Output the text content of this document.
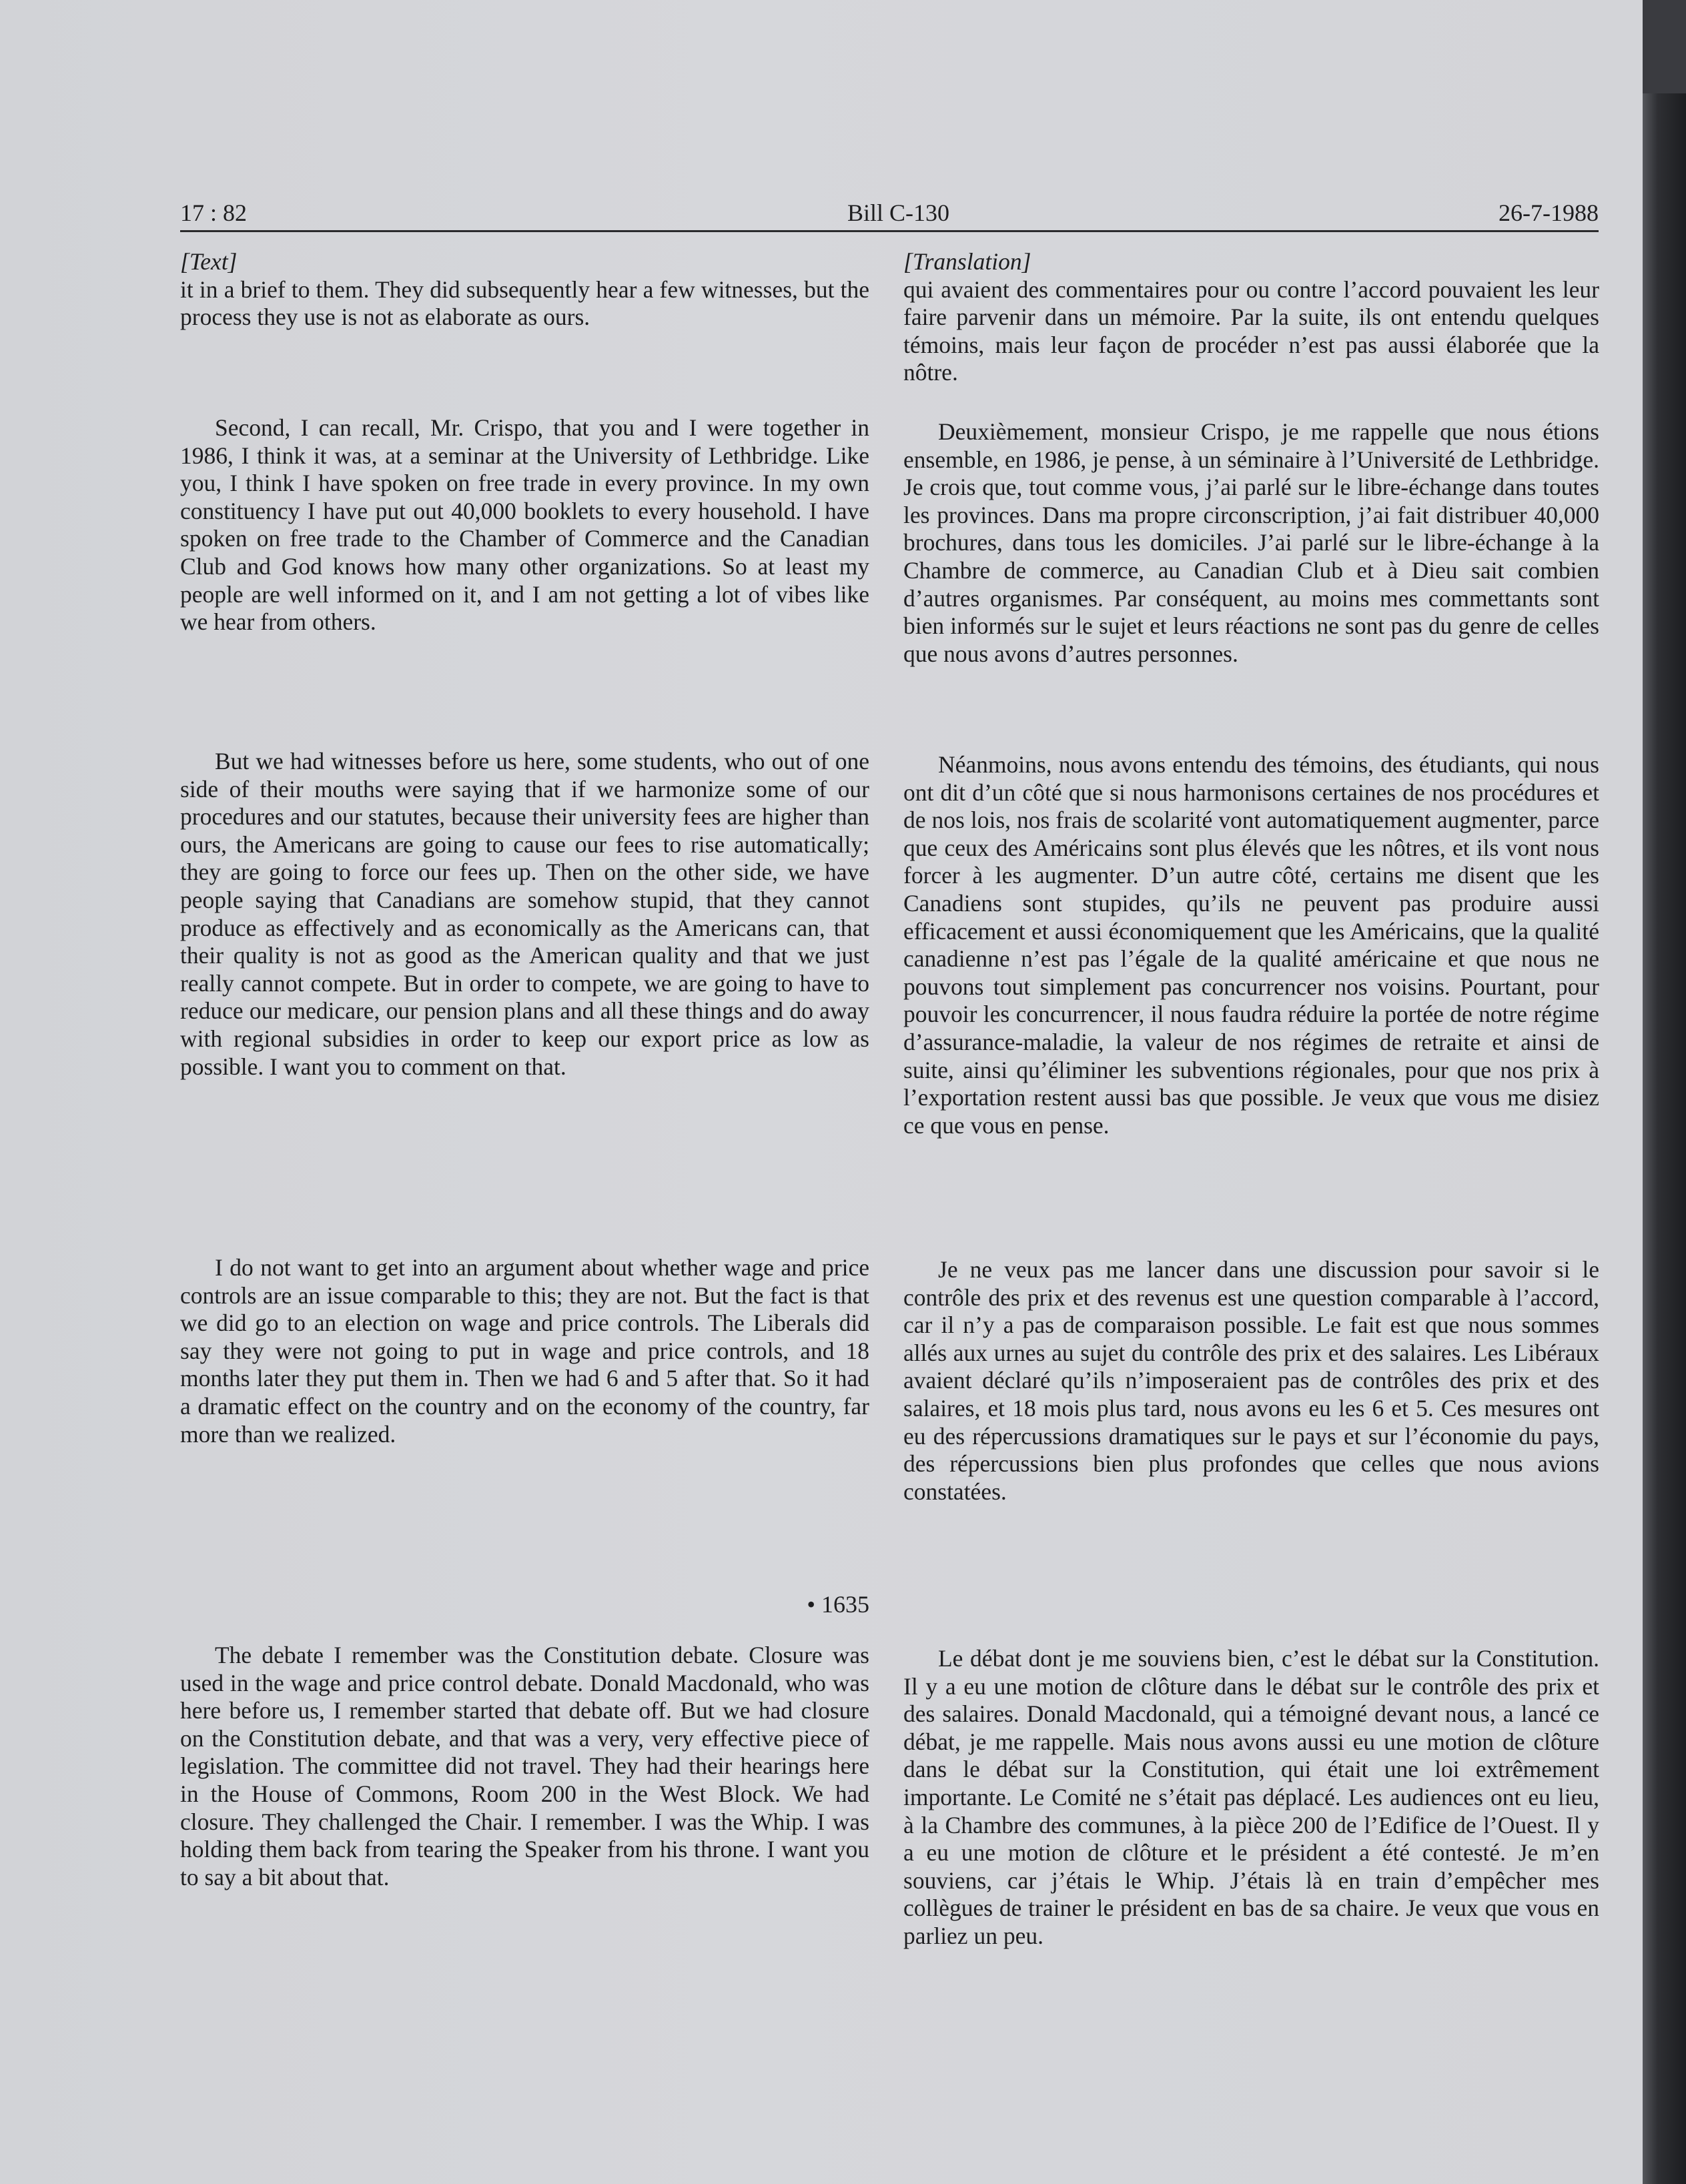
17 : 82	Bill C-130	26-7-1988

[Text]

it in a brief to them. They did subsequently hear a few witnesses, but the process they use is not as elaborate as ours.

Second, I can recall, Mr. Crispo, that you and I were together in 1986, I think it was, at a seminar at the University of Lethbridge. Like you, I think I have spoken on free trade in every province. In my own constituency I have put out 40,000 booklets to every household. I have spoken on free trade to the Chamber of Commerce and the Canadian Club and God knows how many other organizations. So at least my people are well informed on it, and I am not getting a lot of vibes like we hear from others.

But we had witnesses before us here, some students, who out of one side of their mouths were saying that if we harmonize some of our procedures and our statutes, because their university fees are higher than ours, the Americans are going to cause our fees to rise automatically; they are going to force our fees up. Then on the other side, we have people saying that Canadians are somehow stupid, that they cannot produce as effectively and as economically as the Americans can, that their quality is not as good as the American quality and that we just really cannot compete. But in order to compete, we are going to have to reduce our medicare, our pension plans and all these things and do away with regional subsidies in order to keep our export price as low as possible. I want you to comment on that.

I do not want to get into an argument about whether wage and price controls are an issue comparable to this; they are not. But the fact is that we did go to an election on wage and price controls. The Liberals did say they were not going to put in wage and price controls, and 18 months later they put them in. Then we had 6 and 5 after that. So it had a dramatic effect on the country and on the economy of the country, far more than we realized.

• 1635

The debate I remember was the Constitution debate. Closure was used in the wage and price control debate. Donald Macdonald, who was here before us, I remember started that debate off. But we had closure on the Constitution debate, and that was a very, very effective piece of legislation. The committee did not travel. They had their hearings here in the House of Commons, Room 200 in the West Block. We had closure. They challenged the Chair. I remember. I was the Whip. I was holding them back from tearing the Speaker from his throne. I want you to say a bit about that.

[Translation]

qui avaient des commentaires pour ou contre l’accord pouvaient les leur faire parvenir dans un mémoire. Par la suite, ils ont entendu quelques témoins, mais leur façon de procéder n’est pas aussi élaborée que la nôtre.

Deuxièmement, monsieur Crispo, je me rappelle que nous étions ensemble, en 1986, je pense, à un séminaire à l’Université de Lethbridge. Je crois que, tout comme vous, j’ai parlé sur le libre-échange dans toutes les provinces. Dans ma propre circonscription, j’ai fait distribuer 40,000 brochures, dans tous les domiciles. J’ai parlé sur le libre-échange à la Chambre de commerce, au Canadian Club et à Dieu sait combien d’autres organismes. Par conséquent, au moins mes commettants sont bien informés sur le sujet et leurs réactions ne sont pas du genre de celles que nous avons d’autres personnes.

Néanmoins, nous avons entendu des témoins, des étudiants, qui nous ont dit d’un côté que si nous harmonisons certaines de nos procédures et de nos lois, nos frais de scolarité vont automatiquement augmenter, parce que ceux des Américains sont plus élevés que les nôtres, et ils vont nous forcer à les augmenter. D’un autre côté, certains me disent que les Canadiens sont stupides, qu’ils ne peuvent pas produire aussi efficacement et aussi économiquement que les Américains, que la qualité canadienne n’est pas l’égale de la qualité américaine et que nous ne pouvons tout simplement pas concurrencer nos voisins. Pourtant, pour pouvoir les concurrencer, il nous faudra réduire la portée de notre régime d’assurance-maladie, la valeur de nos régimes de retraite et ainsi de suite, ainsi qu’éliminer les subventions régionales, pour que nos prix à l’exportation restent aussi bas que possible. Je veux que vous me disiez ce que vous en pense.

Je ne veux pas me lancer dans une discussion pour savoir si le contrôle des prix et des revenus est une question comparable à l’accord, car il n’y a pas de comparaison possible. Le fait est que nous sommes allés aux urnes au sujet du contrôle des prix et des salaires. Les Libéraux avaient déclaré qu’ils n’imposeraient pas de contrôles des prix et des salaires, et 18 mois plus tard, nous avons eu les 6 et 5. Ces mesures ont eu des répercussions dramatiques sur le pays et sur l’économie du pays, des répercussions bien plus profondes que celles que nous avions constatées.

Le débat dont je me souviens bien, c’est le débat sur la Constitution. Il y a eu une motion de clôture dans le débat sur le contrôle des prix et des salaires. Donald Macdonald, qui a témoigné devant nous, a lancé ce débat, je me rappelle. Mais nous avons aussi eu une motion de clôture dans le débat sur la Constitution, qui était une loi extrêmement importante. Le Comité ne s’était pas déplacé. Les audiences ont eu lieu, à la Chambre des communes, à la pièce 200 de l’Edifice de l’Ouest. Il y a eu une motion de clôture et le président a été contesté. Je m’en souviens, car j’étais le Whip. J’étais là en train d’empêcher mes collègues de trainer le président en bas de sa chaire. Je veux que vous en parliez un peu.
